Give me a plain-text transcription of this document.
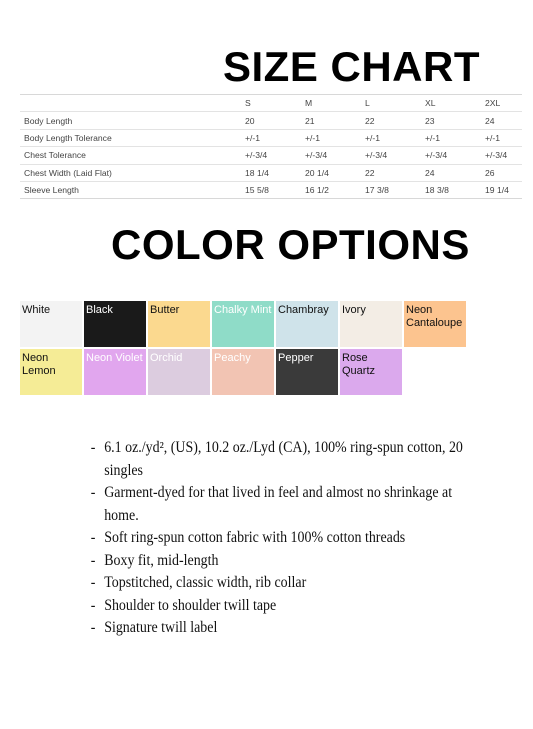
SIZE CHART
	S	M	L	XL	2XL
Body Length	20	21	22	23	24
Body Length Tolerance	+/-1	+/-1	+/-1	+/-1	+/-1
Chest Tolerance	+/-3/4	+/-3/4	+/-3/4	+/-3/4	+/-3/4
Chest Width (Laid Flat)	18 1/4	20 1/4	22	24	26
Sleeve Length	15 5/8	16 1/2	17 3/8	18 3/8	19 1/4
COLOR OPTIONS
White	Black	Butter	Chalky Mint Chambray	Ivory	Neon Cantaloupe
Neon Lemon
Neon Violet Orchid	Peachy	Pepper	Rose Quartz
- 6.1 oz./yd², (US), 10.2 oz./Lyd (CA), 100% ring-spun cotton, 20 singles
- Garment-dyed for that lived in feel and almost no shrinkage at home.
- Soft ring-spun cotton fabric with 100% cotton threads
- Boxy fit, mid-length
- Topstitched, classic width, rib collar
- Shoulder to shoulder twill tape
- Signature twill label
